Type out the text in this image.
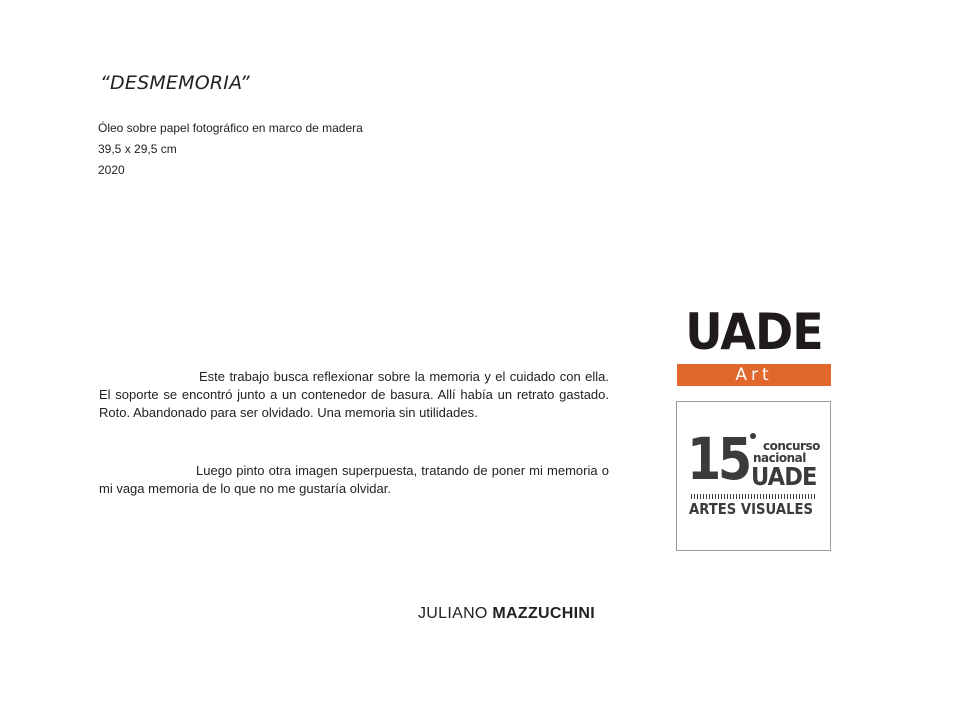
“DESMEMORIA”
Óleo sobre papel fotográfico en marco de madera
39,5 x 29,5 cm
2020

Este trabajo busca reflexionar sobre la memoria y el cuidado con ella. El soporte se encontró junto a un contenedor de basura. Allí había un retrato gastado. Roto. Abandonado para ser olvidado. Una memoria sin utilidades.

Luego pinto otra imagen superpuesta, tratando de poner mi memoria o mi vaga memoria de lo que no me gustaría olvidar.

JULIANO MAZZUCHINI
UADE
Art
15 concurso
nacional
UADE
ARTES VISUALES
